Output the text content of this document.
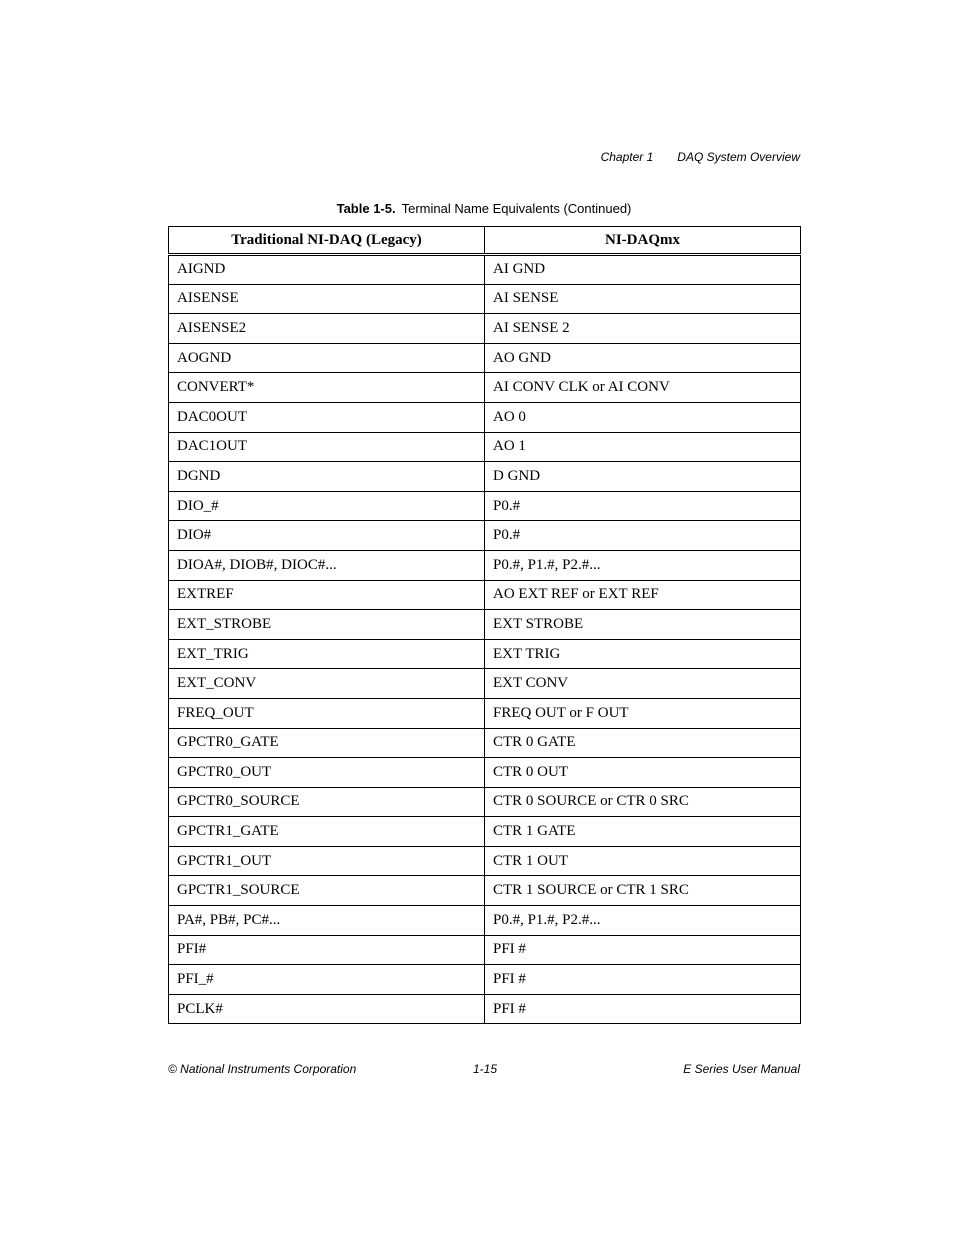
Chapter 1 DAQ System Overview
Table 1-5. Terminal Name Equivalents (Continued)
Traditional NI-DAQ (Legacy)	NI-DAQmx
AIGND	AI GND
AISENSE	AI SENSE
AISENSE2	AI SENSE 2
AOGND	AO GND
CONVERT*	AI CONV CLK or AI CONV
DAC0OUT	AO 0
DAC1OUT	AO 1
DGND	D GND
DIO_#	P0.#
DIO#	P0.#
DIOA#, DIOB#, DIOC#...	P0.#, P1.#, P2.#...
EXTREF	AO EXT REF or EXT REF
EXT_STROBE	EXT STROBE
EXT_TRIG	EXT TRIG
EXT_CONV	EXT CONV
FREQ_OUT	FREQ OUT or F OUT
GPCTR0_GATE	CTR 0 GATE
GPCTR0_OUT	CTR 0 OUT
GPCTR0_SOURCE	CTR 0 SOURCE or CTR 0 SRC
GPCTR1_GATE	CTR 1 GATE
GPCTR1_OUT	CTR 1 OUT
GPCTR1_SOURCE	CTR 1 SOURCE or CTR 1 SRC
PA#, PB#, PC#...	P0.#, P1.#, P2.#...
PFI#	PFI #
PFI_#	PFI #
PCLK#	PFI #
© National Instruments Corporation	1-15	E Series User Manual
